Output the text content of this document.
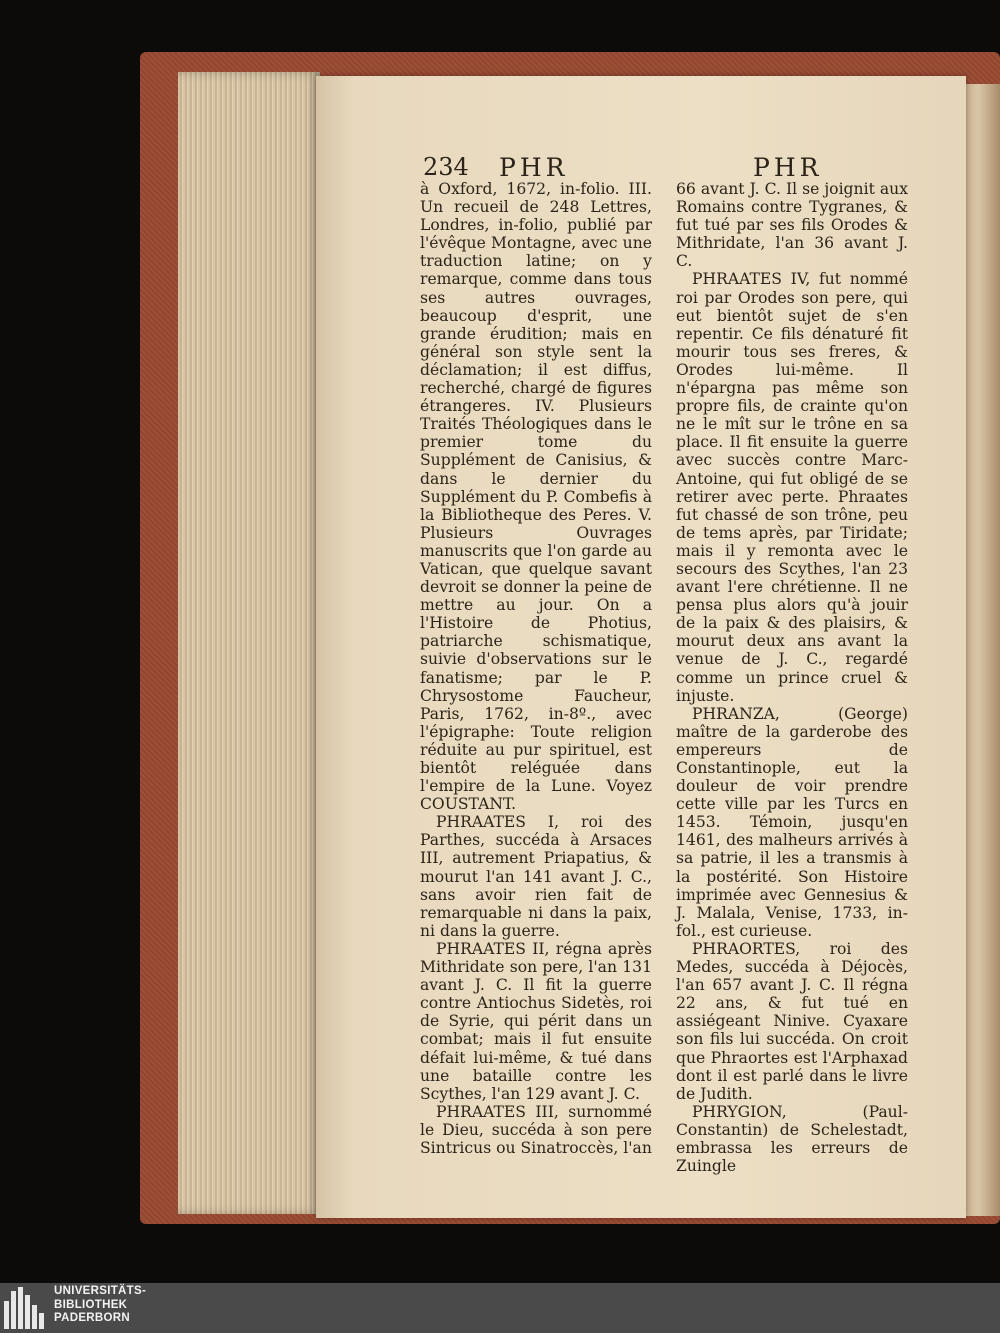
234 PHR	PHR

à Oxford, 1672, in-folio. III. Un recueil de 248 Lettres, Londres, in-folio, publié par l'évêque Montagne, avec une traduction latine; on y remarque, comme dans tous ses autres ouvrages, beaucoup d'esprit, une grande érudition; mais en général son style sent la déclamation; il est diffus, recherché, chargé de figures étrangeres. IV. Plusieurs Traités Théologiques dans le premier tome du Supplément de Canisius, & dans le dernier du Supplément du P. Combefis à la Bibliotheque des Peres. V. Plusieurs Ouvrages manuscrits que l'on garde au Vatican, que quelque savant devroit se donner la peine de mettre au jour. On a l'Histoire de Photius, patriarche schismatique, suivie d'observations sur le fanatisme; par le P. Chrysostome Faucheur, Paris, 1762, in-8º., avec l'épigraphe: Toute religion réduite au pur spirituel, est bientôt reléguée dans l'empire de la Lune. Voyez COUSTANT.

PHRAATES I, roi des Parthes, succéda à Arsaces III, autrement Priapatius, & mourut l'an 141 avant J. C., sans avoir rien fait de remarquable ni dans la paix, ni dans la guerre.

PHRAATES II, régna après Mithridate son pere, l'an 131 avant J. C. Il fit la guerre contre Antiochus Sidetès, roi de Syrie, qui périt dans un combat; mais il fut ensuite défait lui-même, & tué dans une bataille contre les Scythes, l'an 129 avant J. C.

PHRAATES III, surnommé le Dieu, succéda à son pere Sintricus ou Sinatroccès, l'an

66 avant J. C. Il se joignit aux Romains contre Tygranes, & fut tué par ses fils Orodes & Mithridate, l'an 36 avant J. C.

PHRAATES IV, fut nommé roi par Orodes son pere, qui eut bientôt sujet de s'en repentir. Ce fils dénaturé fit mourir tous ses freres, & Orodes lui-même. Il n'épargna pas même son propre fils, de crainte qu'on ne le mît sur le trône en sa place. Il fit ensuite la guerre avec succès contre Marc-Antoine, qui fut obligé de se retirer avec perte. Phraates fut chassé de son trône, peu de tems après, par Tiridate; mais il y remonta avec le secours des Scythes, l'an 23 avant l'ere chrétienne. Il ne pensa plus alors qu'à jouir de la paix & des plaisirs, & mourut deux ans avant la venue de J. C., regardé comme un prince cruel & injuste.

PHRANZA, (George) maître de la garderobe des empereurs de Constantinople, eut la douleur de voir prendre cette ville par les Turcs en 1453. Témoin, jusqu'en 1461, des malheurs arrivés à sa patrie, il les a transmis à la postérité. Son Histoire imprimée avec Gennesius & J. Malala, Venise, 1733, in-fol., est curieuse.

PHRAORTES, roi des Medes, succéda à Déjocès, l'an 657 avant J. C. Il régna 22 ans, & fut tué en assiégeant Ninive. Cyaxare son fils lui succéda. On croit que Phraortes est l'Arphaxad dont il est parlé dans le livre de Judith.

PHRYGION, (Paul-Constantin) de Schelestadt, embrassa les erreurs de Zuingle

UNIVERSITÄTS-
BIBLIOTHEK
PADERBORN
